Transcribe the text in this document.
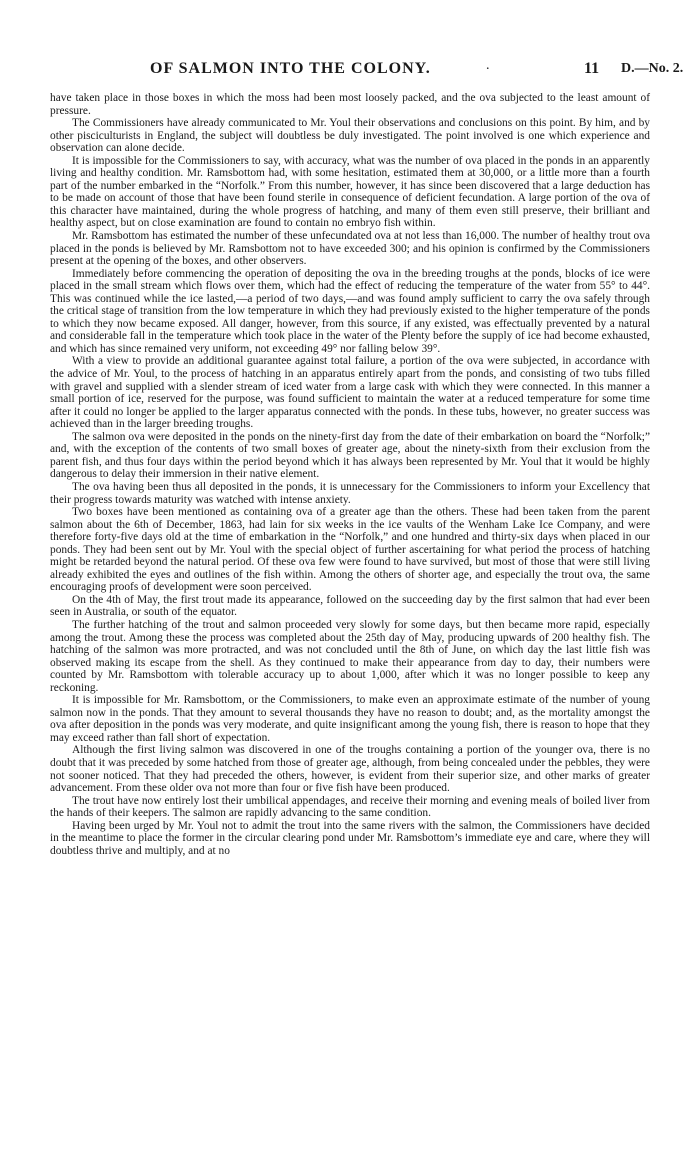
OF SALMON INTO THE COLONY.	.	11 D.—No. 2.

have taken place in those boxes in which the moss had been most loosely packed, and the ova subjected to the least amount of pressure.

The Commissioners have already communicated to Mr. Youl their observations and conclusions on this point. By him, and by other pisciculturists in England, the subject will doubtless be duly investigated. The point involved is one which experience and observation can alone decide.

It is impossible for the Commissioners to say, with accuracy, what was the number of ova placed in the ponds in an apparently living and healthy condition. Mr. Ramsbottom had, with some hesitation, estimated them at 30,000, or a little more than a fourth part of the number embarked in the “Norfolk.” From this number, however, it has since been discovered that a large deduction has to be made on account of those that have been found sterile in consequence of deficient fecundation. A large portion of the ova of this character have maintained, during the whole progress of hatching, and many of them even still preserve, their brilliant and healthy aspect, but on close examination are found to contain no embryo fish within.

Mr. Ramsbottom has estimated the number of these unfecundated ova at not less than 16,000. The number of healthy trout ova placed in the ponds is believed by Mr. Ramsbottom not to have exceeded 300; and his opinion is confirmed by the Commissioners present at the opening of the boxes, and other observers.

Immediately before commencing the operation of depositing the ova in the breeding troughs at the ponds, blocks of ice were placed in the small stream which flows over them, which had the effect of reducing the temperature of the water from 55° to 44°. This was continued while the ice lasted,—a period of two days,—and was found amply sufficient to carry the ova safely through the critical stage of transition from the low temperature in which they had previously existed to the higher temperature of the ponds to which they now became exposed. All danger, however, from this source, if any existed, was effectually prevented by a natural and considerable fall in the temperature which took place in the water of the Plenty before the supply of ice had become exhausted, and which has since remained very uniform, not exceeding 49° nor falling below 39°.

With a view to provide an additional guarantee against total failure, a portion of the ova were subjected, in accordance with the advice of Mr. Youl, to the process of hatching in an apparatus entirely apart from the ponds, and consisting of two tubs filled with gravel and supplied with a slender stream of iced water from a large cask with which they were connected. In this manner a small portion of ice, reserved for the purpose, was found sufficient to maintain the water at a reduced temperature for some time after it could no longer be applied to the larger apparatus connected with the ponds. In these tubs, however, no greater success was achieved than in the larger breeding troughs.

The salmon ova were deposited in the ponds on the ninety-first day from the date of their embarkation on board the “Norfolk;” and, with the exception of the contents of two small boxes of greater age, about the ninety-sixth from their exclusion from the parent fish, and thus four days within the period beyond which it has always been represented by Mr. Youl that it would be highly dangerous to delay their immersion in their native element.

The ova having been thus all deposited in the ponds, it is unnecessary for the Commissioners to inform your Excellency that their progress towards maturity was watched with intense anxiety.

Two boxes have been mentioned as containing ova of a greater age than the others. These had been taken from the parent salmon about the 6th of December, 1863, had lain for six weeks in the ice vaults of the Wenham Lake Ice Company, and were therefore forty-five days old at the time of embarkation in the “Norfolk,” and one hundred and thirty-six days when placed in our ponds. They had been sent out by Mr. Youl with the special object of further ascertaining for what period the process of hatching might be retarded beyond the natural period. Of these ova few were found to have survived, but most of those that were still living already exhibited the eyes and outlines of the fish within. Among the others of shorter age, and especially the trout ova, the same encouraging proofs of development were soon perceived.

On the 4th of May, the first trout made its appearance, followed on the succeeding day by the first salmon that had ever been seen in Australia, or south of the equator.

The further hatching of the trout and salmon proceeded very slowly for some days, but then became more rapid, especially among the trout. Among these the process was completed about the 25th day of May, producing upwards of 200 healthy fish. The hatching of the salmon was more protracted, and was not concluded until the 8th of June, on which day the last little fish was observed making its escape from the shell. As they continued to make their appearance from day to day, their numbers were counted by Mr. Ramsbottom with tolerable accuracy up to about 1,000, after which it was no longer possible to keep any reckoning.

It is impossible for Mr. Ramsbottom, or the Commissioners, to make even an approximate estimate of the number of young salmon now in the ponds. That they amount to several thousands they have no reason to doubt; and, as the mortality amongst the ova after deposition in the ponds was very moderate, and quite insignificant among the young fish, there is reason to hope that they may exceed rather than fall short of expectation.

Although the first living salmon was discovered in one of the troughs containing a portion of the younger ova, there is no doubt that it was preceded by some hatched from those of greater age, although, from being concealed under the pebbles, they were not sooner noticed. That they had preceded the others, however, is evident from their superior size, and other marks of greater advancement. From these older ova not more than four or five fish have been produced.

The trout have now entirely lost their umbilical appendages, and receive their morning and evening meals of boiled liver from the hands of their keepers. The salmon are rapidly advancing to the same condition.

Having been urged by Mr. Youl not to admit the trout into the same rivers with the salmon, the Commissioners have decided in the meantime to place the former in the circular clearing pond under Mr. Ramsbottom’s immediate eye and care, where they will doubtless thrive and multiply, and at no
